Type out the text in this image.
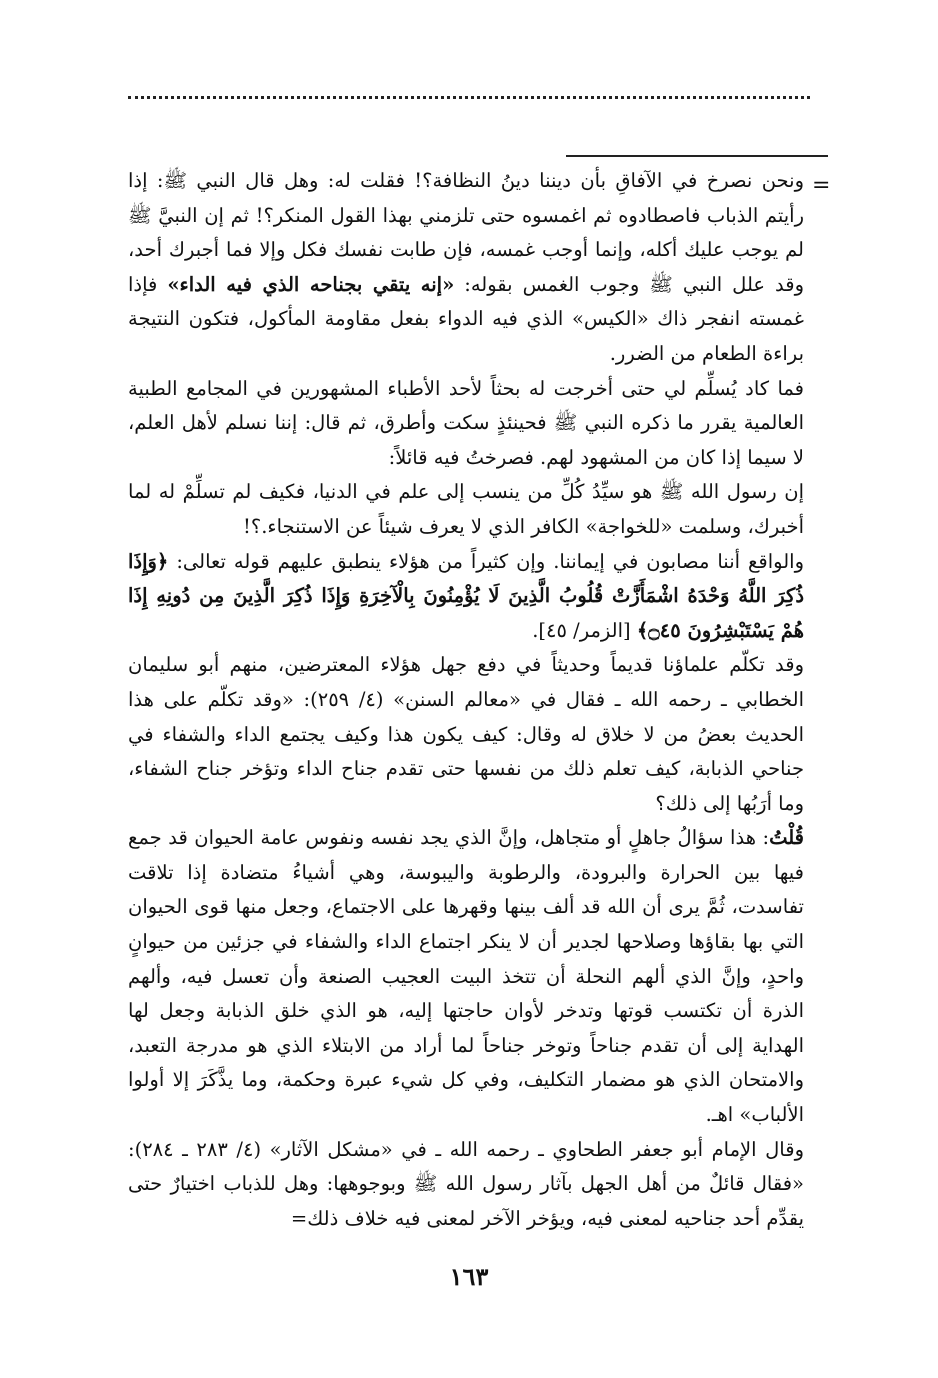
=

ونحن نصرخ في الآفاقِ بأن ديننا دينُ النظافة؟! فقلت له: وهل قال النبي ﷺ: إذا رأيتم الذباب فاصطادوه ثم اغمسوه حتى تلزمني بهذا القول المنكر؟! ثم إن النبيَّ ﷺ لم يوجب عليك أكله، وإنما أوجب غمسه، فإن طابت نفسك فكل وإلا فما أجبرك أحد، وقد علل النبي ﷺ وجوب الغمس بقوله: «إنه يتقي بجناحه الذي فيه الداء» فإذا غمسته انفجر ذاك «الكيس» الذي فيه الدواء بفعل مقاومة المأكول، فتكون النتيجة براءة الطعام من الضرر.

فما كاد يُسلِّم لي حتى أخرجت له بحثاً لأحد الأطباء المشهورين في المجامع الطبية العالمية يقرر ما ذكره النبي ﷺ فحينئذٍ سكت وأطرق، ثم قال: إننا نسلم لأهل العلم، لا سيما إذا كان من المشهود لهم. فصرختُ فيه قائلاً:

إن رسول الله ﷺ هو سيِّدُ كُلِّ من ينسب إلى علم في الدنيا، فكيف لم تسلِّمْ له لما أخبرك، وسلمت «للخواجة» الكافر الذي لا يعرف شيئاً عن الاستنجاء.؟!

والواقع أننا مصابون في إيماننا. وإن كثيراً من هؤلاء ينطبق عليهم قوله تعالى: ﴿وَإِذَا ذُكِرَ اللَّهُ وَحْدَهُ اشْمَأَزَّتْ قُلُوبُ الَّذِينَ لَا يُؤْمِنُونَ بِالْآخِرَةِ وَإِذَا ذُكِرَ الَّذِينَ مِن دُونِهِ إِذَا هُمْ يَسْتَبْشِرُونَ ۝٤٥﴾ [الزمر/ ٤٥].

وقد تكلّم علماؤنا قديماً وحديثاً في دفع جهل هؤلاء المعترضين، منهم أبو سليمان الخطابي ـ رحمه الله ـ فقال في «معالم السنن» (٤/ ٢٥٩): «وقد تكلّم على هذا الحديث بعضُ من لا خلاق له وقال: كيف يكون هذا وكيف يجتمع الداء والشفاء في جناحي الذبابة، كيف تعلم ذلك من نفسها حتى تقدم جناح الداء وتؤخر جناح الشفاء، وما أرَبُها إلى ذلك؟

قُلْتُ: هذا سؤالُ جاهلٍ أو متجاهل، وإنَّ الذي يجد نفسه ونفوس عامة الحيوان قد جمع فيها بين الحرارة والبرودة، والرطوبة واليبوسة، وهي أشياءُ متضادة إذا تلاقت تفاسدت، ثُمَّ يرى أن الله قد ألف بينها وقهرها على الاجتماع، وجعل منها قوى الحيوان التي بها بقاؤها وصلاحها لجدير أن لا ينكر اجتماع الداء والشفاء في جزئين من حيوانٍ واحدٍ، وإنَّ الذي ألهم النحلة أن تتخذ البيت العجيب الصنعة وأن تعسل فيه، وألهم الذرة أن تكتسب قوتها وتدخر لأوان حاجتها إليه، هو الذي خلق الذبابة وجعل لها الهداية إلى أن تقدم جناحاً وتوخر جناحاً لما أراد من الابتلاء الذي هو مدرجة التعبد، والامتحان الذي هو مضمار التكليف، وفي كل شيء عبرة وحكمة، وما يذَّكَرَ إلا أولوا الألباب» اهـ.

وقال الإمام أبو جعفر الطحاوي ـ رحمه الله ـ في «مشكل الآثار» (٤/ ٢٨٣ ـ ٢٨٤): «فقال قائلٌ من أهل الجهل بآثار رسول الله ﷺ وبوجوهها: وهل للذباب اختيارٌ حتى يقدِّم أحد جناحيه لمعنى فيه، ويؤخر الآخر لمعنى فيه خلاف ذلك=

١٦٣
